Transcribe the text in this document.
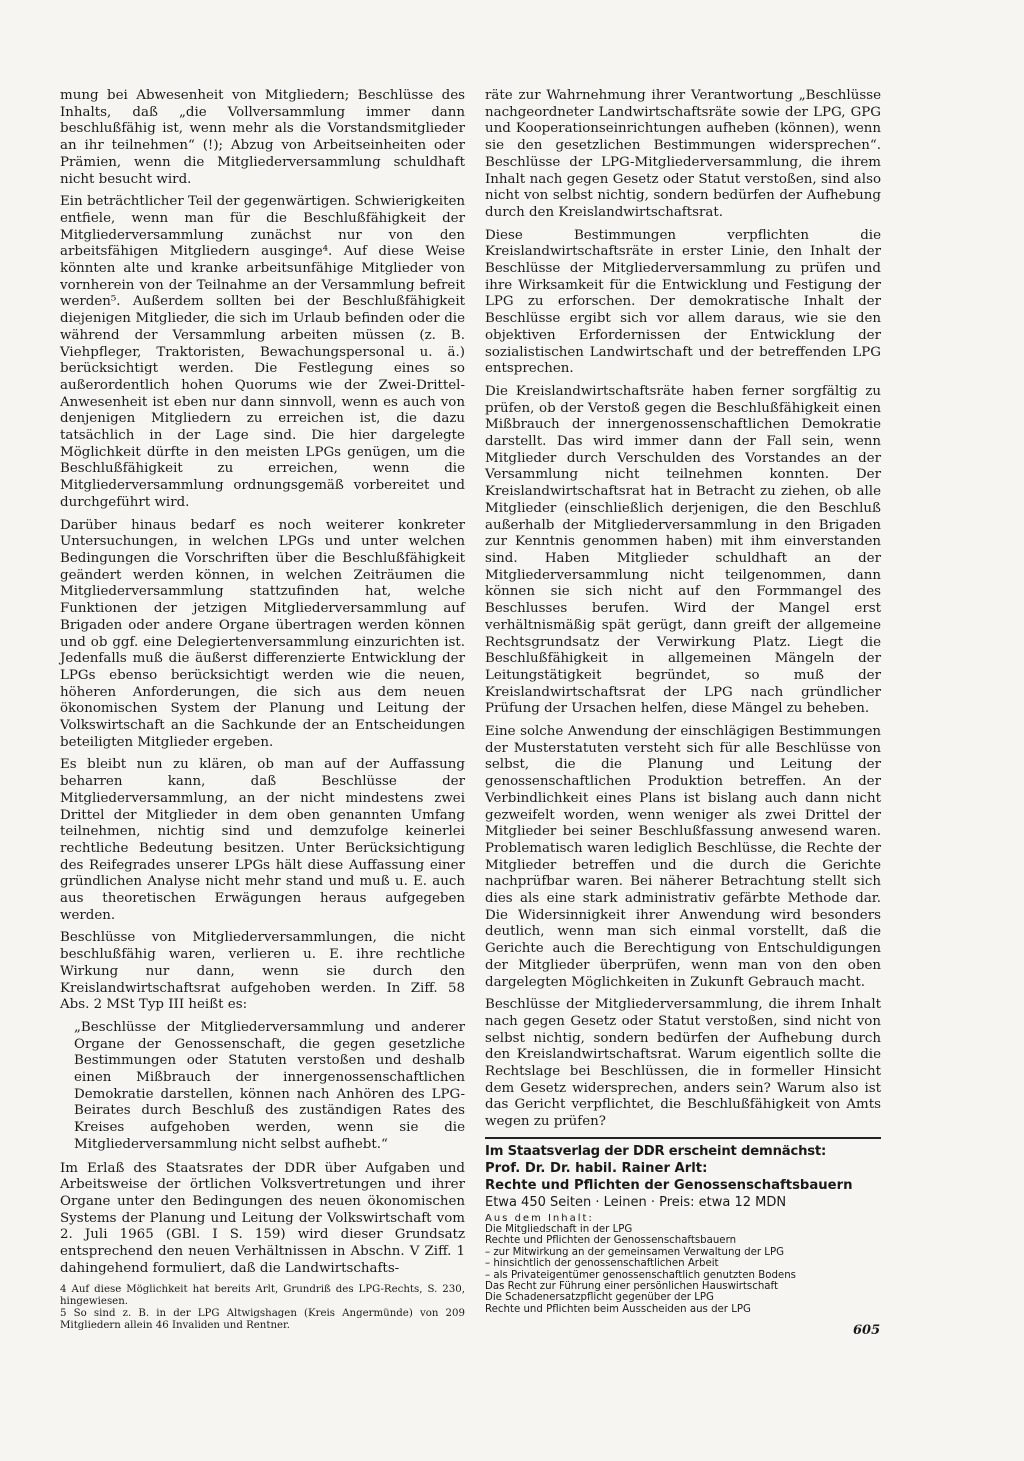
mung bei Abwesenheit von Mitgliedern; Beschlüsse des Inhalts, daß „die Vollversammlung immer dann beschlußfähig ist, wenn mehr als die Vorstandsmitglieder an ihr teilnehmen“ (!); Abzug von Arbeitseinheiten oder Prämien, wenn die Mitgliederversammlung schuldhaft nicht besucht wird.

Ein beträchtlicher Teil der gegenwärtigen. Schwierigkeiten entfiele, wenn man für die Beschlußfähigkeit der Mitgliederversammlung zunächst nur von den arbeitsfähigen Mitgliedern ausginge⁴. Auf diese Weise könnten alte und kranke arbeitsunfähige Mitglieder von vornherein von der Teilnahme an der Versammlung befreit werden⁵. Außerdem sollten bei der Beschlußfähigkeit diejenigen Mitglieder, die sich im Urlaub befinden oder die während der Versammlung arbeiten müssen (z. B. Viehpfleger, Traktoristen, Bewachungspersonal u. ä.) berücksichtigt werden. Die Festlegung eines so außerordentlich hohen Quorums wie der Zwei-Drittel-Anwesenheit ist eben nur dann sinnvoll, wenn es auch von denjenigen Mitgliedern zu erreichen ist, die dazu tatsächlich in der Lage sind. Die hier dargelegte Möglichkeit dürfte in den meisten LPGs genügen, um die Beschlußfähigkeit zu erreichen, wenn die Mitgliederversammlung ordnungsgemäß vorbereitet und durchgeführt wird.

Darüber hinaus bedarf es noch weiterer konkreter Untersuchungen, in welchen LPGs und unter welchen Bedingungen die Vorschriften über die Beschlußfähigkeit geändert werden können, in welchen Zeiträumen die Mitgliederversammlung stattzufinden hat, welche Funktionen der jetzigen Mitgliederversammlung auf Brigaden oder andere Organe übertragen werden können und ob ggf. eine Delegiertenversammlung einzurichten ist. Jedenfalls muß die äußerst differenzierte Entwicklung der LPGs ebenso berücksichtigt werden wie die neuen, höheren Anforderungen, die sich aus dem neuen ökonomischen System der Planung und Leitung der Volkswirtschaft an die Sachkunde der an Entscheidungen beteiligten Mitglieder ergeben.

Es bleibt nun zu klären, ob man auf der Auffassung beharren kann, daß Beschlüsse der Mitgliederversammlung, an der nicht mindestens zwei Drittel der Mitglieder in dem oben genannten Umfang teilnehmen, nichtig sind und demzufolge keinerlei rechtliche Bedeutung besitzen. Unter Berücksichtigung des Reifegrades unserer LPGs hält diese Auffassung einer gründlichen Analyse nicht mehr stand und muß u. E. auch aus theoretischen Erwägungen heraus aufgegeben werden.

Beschlüsse von Mitgliederversammlungen, die nicht beschlußfähig waren, verlieren u. E. ihre rechtliche Wirkung nur dann, wenn sie durch den Kreislandwirtschaftsrat aufgehoben werden. In Ziff. 58 Abs. 2 MSt Typ III heißt es:

„Beschlüsse der Mitgliederversammlung und anderer Organe der Genossenschaft, die gegen gesetzliche Bestimmungen oder Statuten verstoßen und deshalb einen Mißbrauch der innergenossenschaftlichen Demokratie darstellen, können nach Anhören des LPG-Beirates durch Beschluß des zuständigen Rates des Kreises aufgehoben werden, wenn sie die Mitgliederversammlung nicht selbst aufhebt.“

Im Erlaß des Staatsrates der DDR über Aufgaben und Arbeitsweise der örtlichen Volksvertretungen und ihrer Organe unter den Bedingungen des neuen ökonomischen Systems der Planung und Leitung der Volkswirtschaft vom 2. Juli 1965 (GBl. I S. 159) wird dieser Grundsatz entsprechend den neuen Verhältnissen in Abschn. V Ziff. 1 dahingehend formuliert, daß die Landwirtschafts-

4 Auf diese Möglichkeit hat bereits Arlt, Grundriß des LPG-Rechts, S. 230, hingewiesen.

5 So sind z. B. in der LPG Altwigshagen (Kreis Angermünde) von 209 Mitgliedern allein 46 Invaliden und Rentner.

räte zur Wahrnehmung ihrer Verantwortung „Beschlüsse nachgeordneter Landwirtschaftsräte sowie der LPG, GPG und Kooperationseinrichtungen aufheben (können), wenn sie den gesetzlichen Bestimmungen widersprechen“. Beschlüsse der LPG-Mitgliederversammlung, die ihrem Inhalt nach gegen Gesetz oder Statut verstoßen, sind also nicht von selbst nichtig, sondern bedürfen der Aufhebung durch den Kreislandwirtschaftsrat.

Diese Bestimmungen verpflichten die Kreislandwirtschaftsräte in erster Linie, den Inhalt der Beschlüsse der Mitgliederversammlung zu prüfen und ihre Wirksamkeit für die Entwicklung und Festigung der LPG zu erforschen. Der demokratische Inhalt der Beschlüsse ergibt sich vor allem daraus, wie sie den objektiven Erfordernissen der Entwicklung der sozialistischen Landwirtschaft und der betreffenden LPG entsprechen.

Die Kreislandwirtschaftsräte haben ferner sorgfältig zu prüfen, ob der Verstoß gegen die Beschlußfähigkeit einen Mißbrauch der innergenossenschaftlichen Demokratie darstellt. Das wird immer dann der Fall sein, wenn Mitglieder durch Verschulden des Vorstandes an der Versammlung nicht teilnehmen konnten. Der Kreislandwirtschaftsrat hat in Betracht zu ziehen, ob alle Mitglieder (einschließlich derjenigen, die den Beschluß außerhalb der Mitgliederversammlung in den Brigaden zur Kenntnis genommen haben) mit ihm einverstanden sind. Haben Mitglieder schuldhaft an der Mitgliederversammlung nicht teilgenommen, dann können sie sich nicht auf den Formmangel des Beschlusses berufen. Wird der Mangel erst verhältnismäßig spät gerügt, dann greift der allgemeine Rechtsgrundsatz der Verwirkung Platz. Liegt die Beschlußfähigkeit in allgemeinen Mängeln der Leitungstätigkeit begründet, so muß der Kreislandwirtschaftsrat der LPG nach gründlicher Prüfung der Ursachen helfen, diese Mängel zu beheben.

Eine solche Anwendung der einschlägigen Bestimmungen der Musterstatuten versteht sich für alle Beschlüsse von selbst, die die Planung und Leitung der genossenschaftlichen Produktion betreffen. An der Verbindlichkeit eines Plans ist bislang auch dann nicht gezweifelt worden, wenn weniger als zwei Drittel der Mitglieder bei seiner Beschlußfassung anwesend waren. Problematisch waren lediglich Beschlüsse, die Rechte der Mitglieder betreffen und die durch die Gerichte nachprüfbar waren. Bei näherer Betrachtung stellt sich dies als eine stark administrativ gefärbte Methode dar. Die Widersinnigkeit ihrer Anwendung wird besonders deutlich, wenn man sich einmal vorstellt, daß die Gerichte auch die Berechtigung von Entschuldigungen der Mitglieder überprüfen, wenn man von den oben dargelegten Möglichkeiten in Zukunft Gebrauch macht.

Beschlüsse der Mitgliederversammlung, die ihrem Inhalt nach gegen Gesetz oder Statut verstoßen, sind nicht von selbst nichtig, sondern bedürfen der Aufhebung durch den Kreislandwirtschaftsrat. Warum eigentlich sollte die Rechtslage bei Beschlüssen, die in formeller Hinsicht dem Gesetz widersprechen, anders sein? Warum also ist das Gericht verpflichtet, die Beschlußfähigkeit von Amts wegen zu prüfen?

Im Staatsverlag der DDR erscheint demnächst:

Prof. Dr. Dr. habil. Rainer Arlt:

Rechte und Pflichten der Genossenschaftsbauern

Etwa 450 Seiten · Leinen · Preis: etwa 12 MDN

Aus dem Inhalt:

Die Mitgliedschaft in der LPG
Rechte und Pflichten der Genossenschaftsbauern
– zur Mitwirkung an der gemeinsamen Verwaltung der LPG
– hinsichtlich der genossenschaftlichen Arbeit
– als Privateigentümer genossenschaftlich genutzten Bodens
Das Recht zur Führung einer persönlichen Hauswirtschaft
Die Schadenersatzpflicht gegenüber der LPG
Rechte und Pflichten beim Ausscheiden aus der LPG
605
